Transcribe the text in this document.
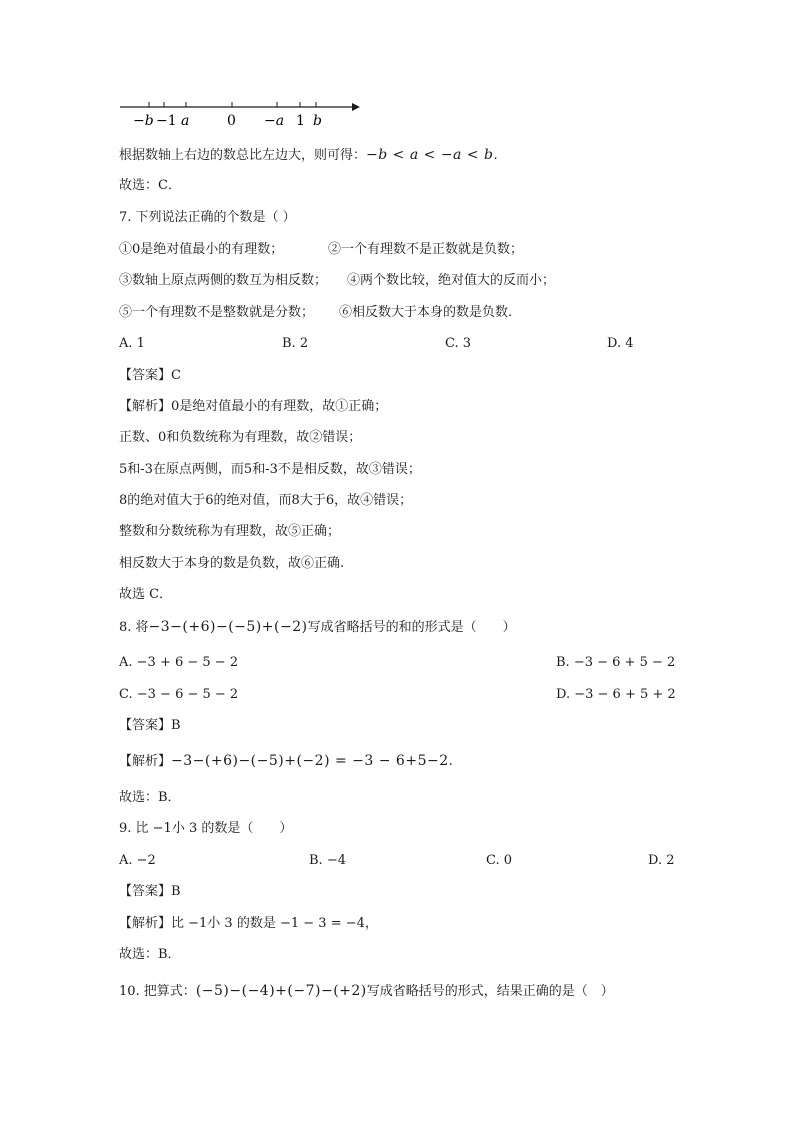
−b −1 a	0 −a 1 b
根据数轴上右边的数总比左边大，则可得：−b < a < −a < b.
故选：C．
7. 下列说法正确的个数是（ ）
①0是绝对值最小的有理数；	②一个有理数不是正数就是负数；
③数轴上原点两侧的数互为相反数； ④两个数比较，绝对值大的反而小；
⑤一个有理数不是整数就是分数； ⑥相反数大于本身的数是负数.
A. 1	B. 2	C. 3	D. 4
【答案】C
【解析】0是绝对值最小的有理数，故①正确；
正数、0和负数统称为有理数，故②错误；
5和-3在原点两侧，而5和-3不是相反数，故③错误；
8的绝对值大于6的绝对值，而8大于6，故④错误；
整数和分数统称为有理数，故⑤正确；
相反数大于本身的数是负数，故⑥正确.
故选 C．
8. 将−3−(+6)−(−5)+(−2)写成省略括号的和的形式是（　　）
A. −3 + 6 − 5 − 2	B. −3 − 6 + 5 − 2
C. −3 − 6 − 5 − 2	D. −3 − 6 + 5 + 2
【答案】B
【解析】−3−(+6)−(−5)+(−2) = −3 − 6+5−2.
故选：B．
9. 比 −1小 3 的数是（　　）
A. −2	B. −4	C. 0	D. 2
【答案】B
【解析】比 −1小 3 的数是 −1 − 3 = −4，
故选：B．
10. 把算式：(−5)−(−4)+(−7)−(+2)写成省略括号的形式，结果正确的是（　）
